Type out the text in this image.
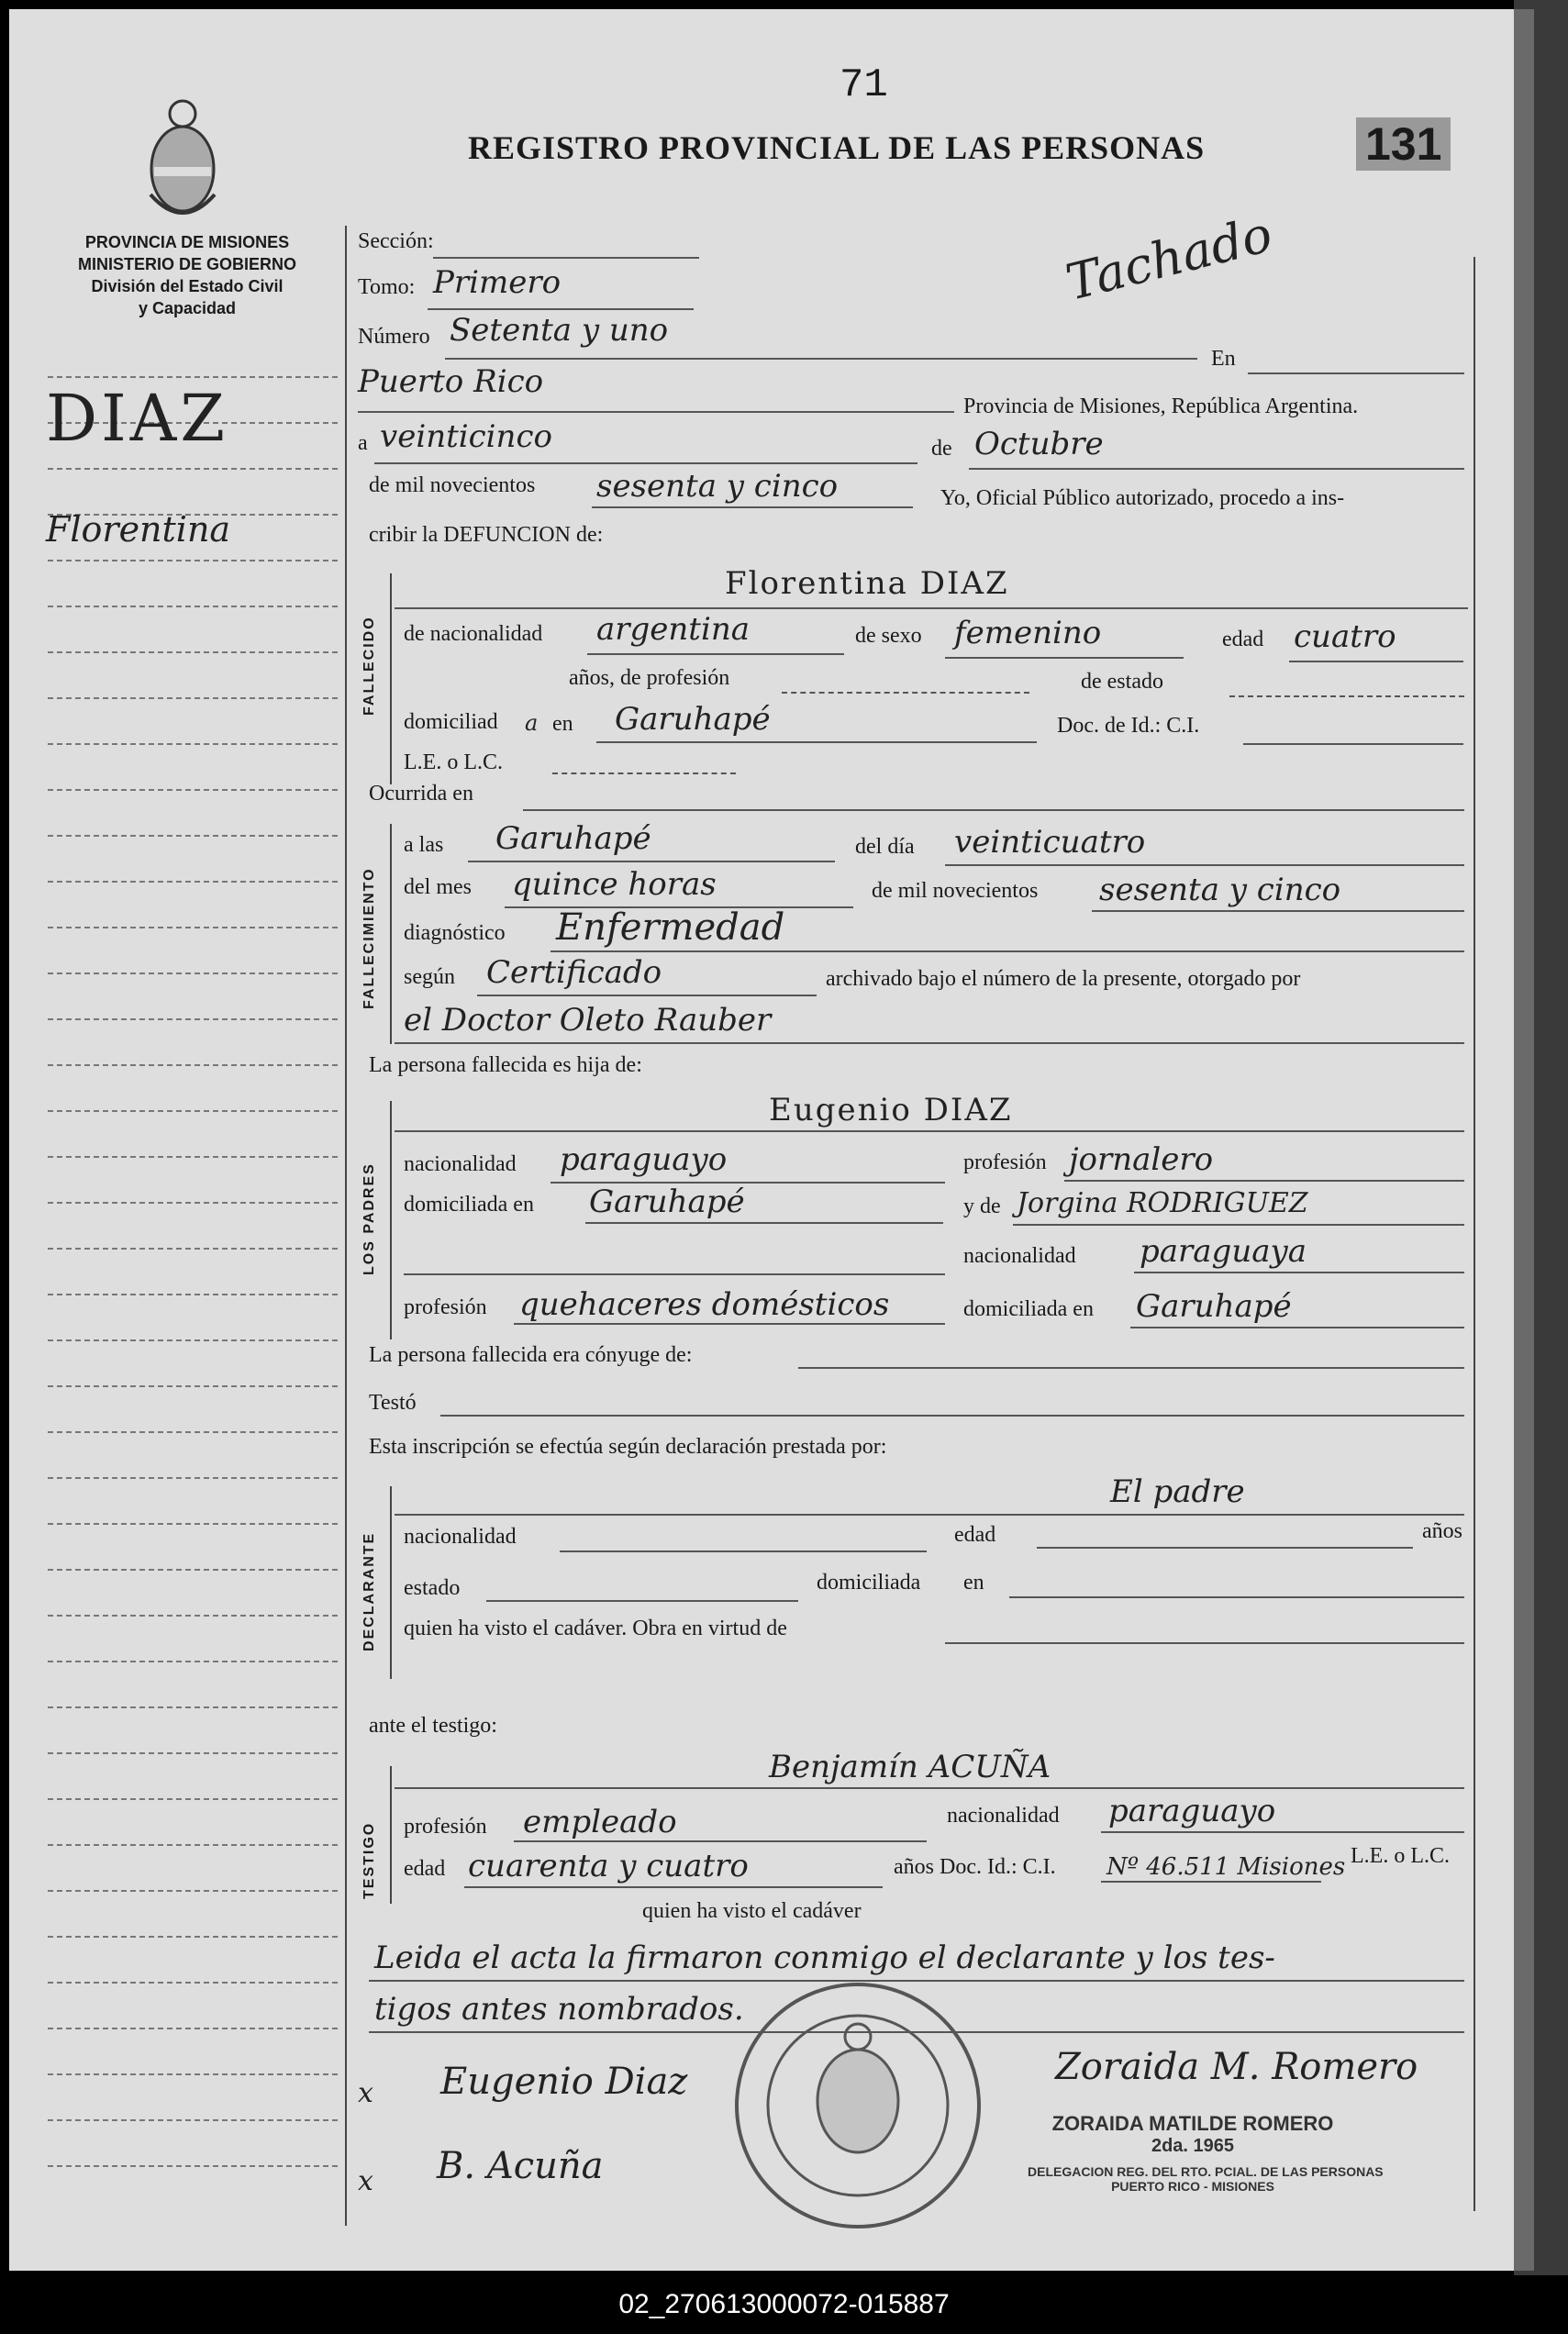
PROVINCIA DE MISIONES
MINISTERIO DE GOBIERNO
División del Estado Civil
y Capacidad
DIAZ
Florentina
71
131
REGISTRO PROVINCIAL DE LAS PERSONAS
Tachado
Sección:
Tomo: Primero
Número Setenta y uno
En
Puerto Rico
Provincia de Misiones, República Argentina.
a veinticinco	de Octubre
de mil novecientos sesenta y cinco	Yo, Oficial Público autorizado, procedo a ins-
cribir la DEFUNCION de:
FALLECIDO
Florentina DIAZ
de nacionalidad argentina	de sexo femenino	edad cuatro
años, de profesión	de estado
domiciliad a en Garuhapé	Doc. de Id.: C.I.
L.E. o L.C.
Ocurrida en
FALLECIMIENTO
a las Garuhapé	del día veinticuatro
del mes quince horas	de mil novecientos sesenta y cinco
diagnóstico Enfermedad
según Certificado	archivado bajo el número de la presente, otorgado por
el Doctor Oleto Rauber
La persona fallecida es hija de:
LOS PADRES
Eugenio DIAZ
nacionalidad paraguayo	profesión jornalero
domiciliada en Garuhapé	y de Jorgina RODRIGUEZ
nacionalidad paraguaya
profesión quehaceres domésticos	domiciliada en Garuhapé
La persona fallecida era cónyuge de:
Testó
Esta inscripción se efectúa según declaración prestada por:
DECLARANTE
El padre
nacionalidad	edad	años
estado	domiciliada en
quien ha visto el cadáver. Obra en virtud de
ante el testigo:
TESTIGO
Benjamín ACUÑA
profesión empleado	nacionalidad paraguayo
edad cuarenta y cuatro	años Doc. Id.: C.I. Nº 46.511 Misiones L.E. o L.C.
quien ha visto el cadáver
Leida el acta la firmaron conmigo el declarante y los tes-
tigos antes nombrados.
x Eugenio Diaz
x B. Acuña
Zoraida M. Romero
ZORAIDA MATILDE ROMERO
2da. 1965
DELEGACION REG. DEL RTO. PCIAL. DE LAS PERSONAS
PUERTO RICO - MISIONES
02_270613000072-015887
